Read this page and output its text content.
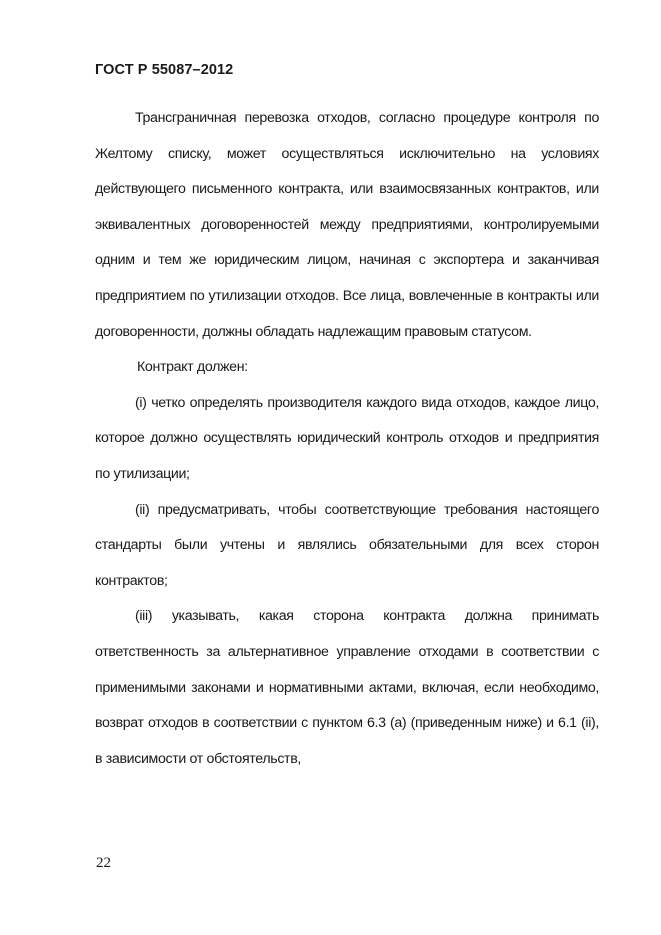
ГОСТ Р 55087–2012

Трансграничная перевозка отходов, согласно процедуре контроля по Желтому списку, может осуществляться исключительно на условиях действующего письменного контракта, или взаимосвязанных контрактов, или эквивалентных договоренностей между предприятиями, контролируемыми одним и тем же юридическим лицом, начиная с экспортера и заканчивая предприятием по утилизации отходов. Все лица, вовлеченные в контракты или договоренности, должны обладать надлежащим правовым статусом.

Контракт должен:

(i) четко определять производителя каждого вида отходов, каждое лицо, которое должно осуществлять юридический контроль отходов и предприятия по утилизации;

(ii) предусматривать, чтобы соответствующие требования настоящего стандарты были учтены и являлись обязательными для всех сторон контрактов;

(iii) указывать, какая сторона контракта должна принимать ответственность за альтернативное управление отходами в соответствии с применимыми законами и нормативными актами, включая, если необходимо, возврат отходов в соответствии с пунктом 6.3 (a) (приведенным ниже) и 6.1 (ii), в зависимости от обстоятельств,

22
